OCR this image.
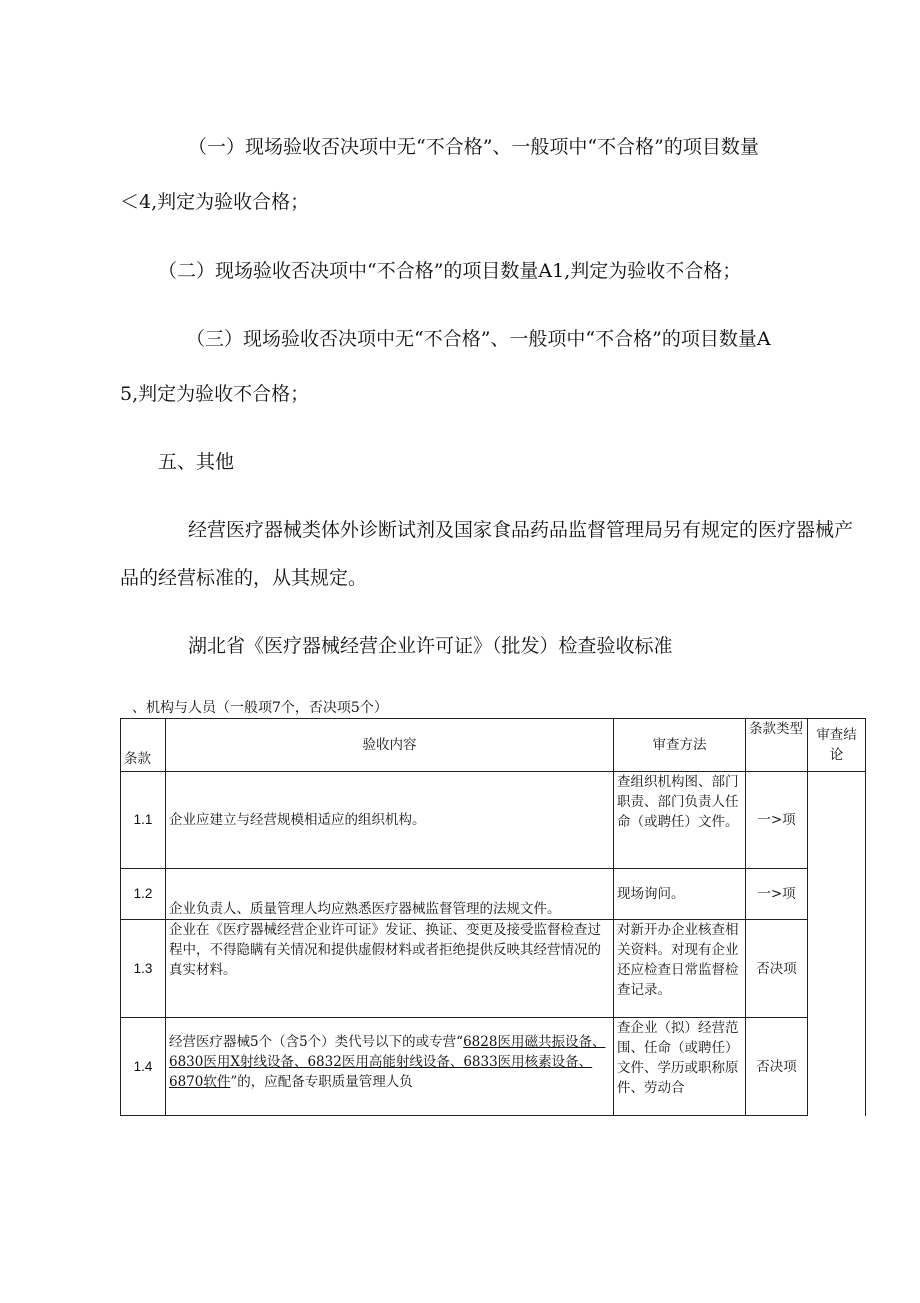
（一）现场验收否决项中无“不合格”、一般项中“不合格”的项目数量
＜4,判定为验收合格；
（二）现场验收否决项中“不合格”的项目数量Α1,判定为验收不合格；
（三）现场验收否决项中无“不合格”、一般项中“不合格”的项目数量Α
5,判定为验收不合格；
五、其他
经营医疗器械类体外诊断试剂及国家食品药品监督管理局另有规定的医疗器械产
品的经营标准的，从其规定。
湖北省《医疗器械经营企业许可证》（批发）检查验收标准
、机构与人员（一般项7个，否决项5个）
条款	验收内容	审查方法	条款类型	审查结论
1.1	企业应建立与经营规模相适应的组织机构。	查组织机构图、部门职责、部门负责人任命（或聘任）文件。	一>项	
1.2	企业负责人、质量管理人均应熟悉医疗器械监督管理的法规文件。	现场询问。	一>项	
1.3	企业在《医疗器械经营企业许可证》发证、换证、变更及接受监督检查过程中，不得隐瞒有关情况和提供虚假材料或者拒绝提供反映其经营情况的真实材料。	对新开办企业核查相关资料。对现有企业还应检查日常监督检查记录。	否决项	
1.4	经营医疗器械5个（含5个）类代号以下的或专营“6828医用磁共振设备、6830医用X射线设备、6832医用高能射线设备、6833医用核素设备、6870软件”的，应配备专职质量管理人负	查企业（拟）经营范围、任命（或聘任）文件、学历或职称原件、劳动合	否决项	
